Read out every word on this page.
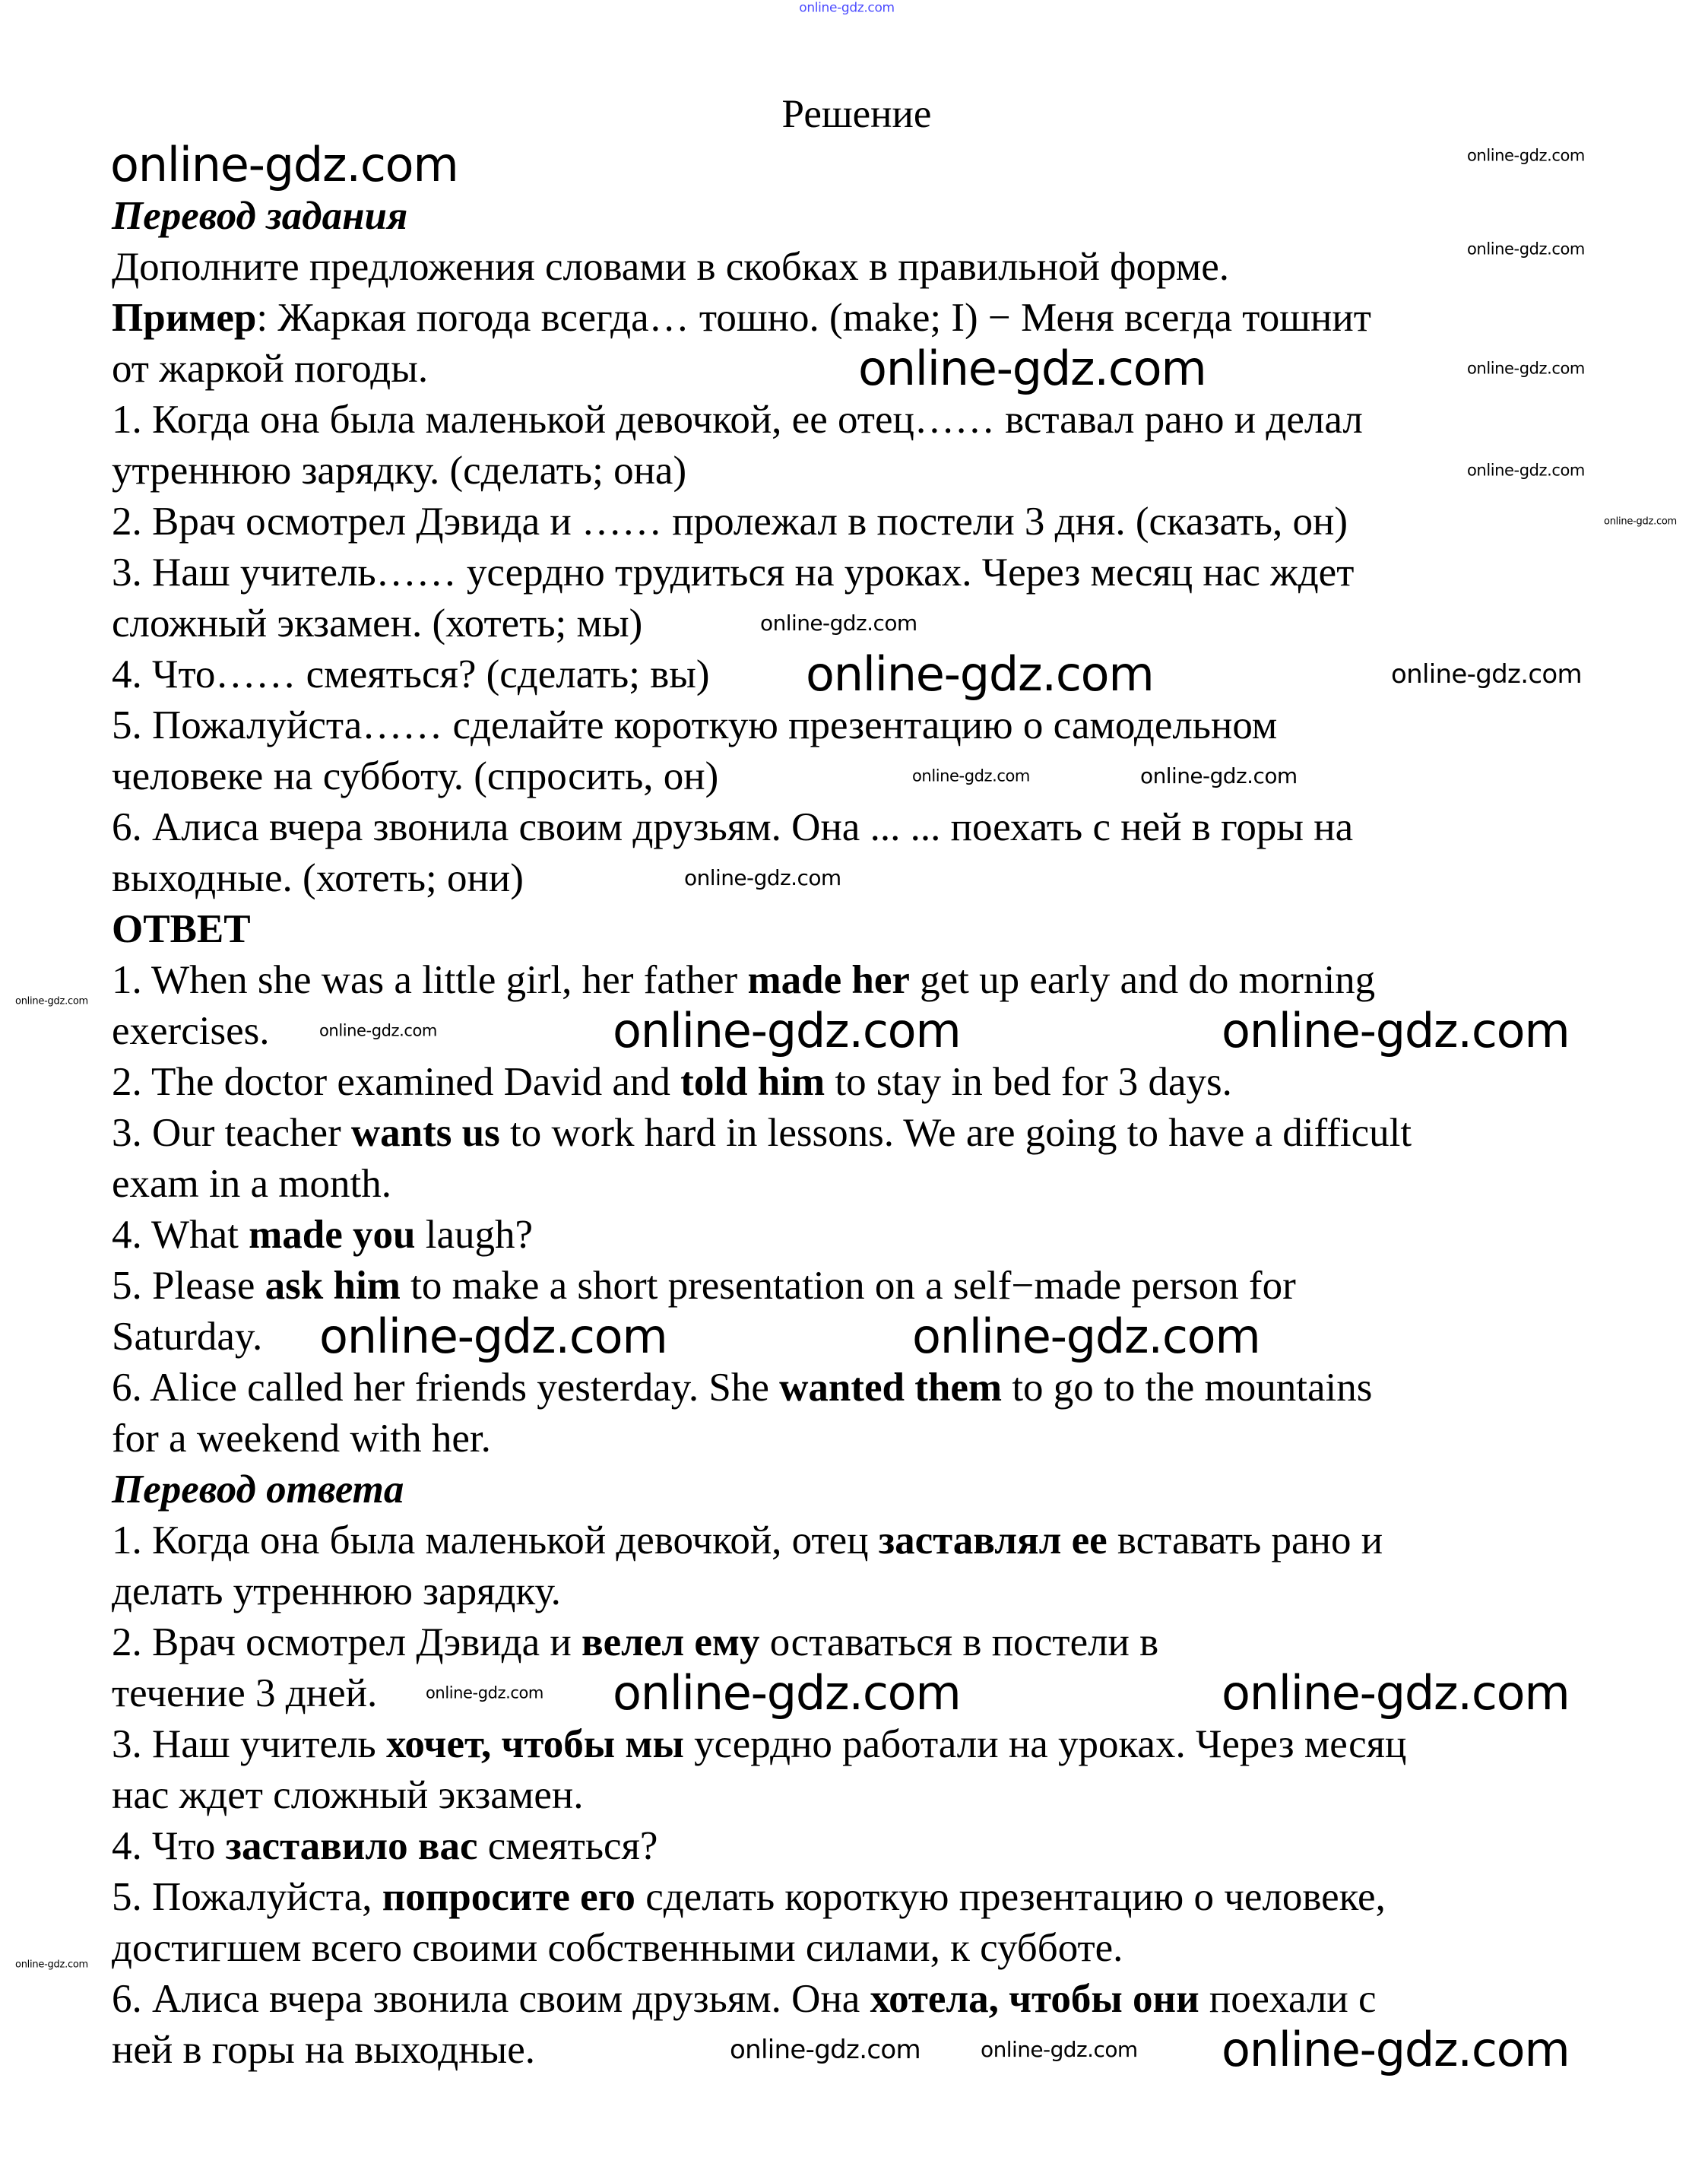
Решение
Перевод задания
Дополните предложения словами в скобках в правильной форме.
Пример: Жаркая погода всегда… тошно. (make; I) − Меня всегда тошнит
от жаркой погоды.
1. Когда она была маленькой девочкой, ее отец…… вставал рано и делал
утреннюю зарядку. (сделать; она)
2. Врач осмотрел Дэвида и …… пролежал в постели 3 дня. (сказать, он)
3. Наш учитель…… усердно трудиться на уроках. Через месяц нас ждет
сложный экзамен. (хотеть; мы)
4. Что…… смеяться? (сделать; вы)
5. Пожалуйста…… сделайте короткую презентацию о самодельном
человеке на субботу. (спросить, он)
6. Алиса вчера звонила своим друзьям. Она ... ... поехать с ней в горы на
выходные. (хотеть; они)
ОТВЕТ
1. When she was a little girl, her father made her get up early and do morning
exercises.
2. The doctor examined David and told him to stay in bed for 3 days.
3. Our teacher wants us to work hard in lessons. We are going to have a difficult
exam in a month.
4. What made you laugh?
5. Please ask him to make a short presentation on a self−made person for
Saturday.
6. Alice called her friends yesterday. She wanted them to go to the mountains
for a weekend with her.
Перевод ответа
1. Когда она была маленькой девочкой, отец заставлял ее вставать рано и
делать утреннюю зарядку.
2. Врач осмотрел Дэвида и велел ему оставаться в постели в
течение 3 дней.
3. Наш учитель хочет, чтобы мы усердно работали на уроках. Через месяц
нас ждет сложный экзамен.
4. Что заставило вас смеяться?
5. Пожалуйста, попросите его сделать короткую презентацию о человеке,
достигшем всего своими собственными силами, к субботе.
6. Алиса вчера звонила своим друзьям. Она хотела, чтобы они поехали с
ней в горы на выходные.
online-gdz.com
online-gdz.com	online-gdz.com
online-gdz.com
online-gdz.com
online-gdz.com
online-gdz.com
online-gdz.com
online-gdz.com
online-gdz.com	online-gdz.com
online-gdz.com	online-gdz.com
online-gdz.com
online-gdz.com
online-gdz.com	online-gdz.com
online-gdz.com
online-gdz.com	online-gdz.com
online-gdz.com	online-gdz.com
online-gdz.com
online-gdz.com
online-gdz.com
online-gdz.com	online-gdz.com
